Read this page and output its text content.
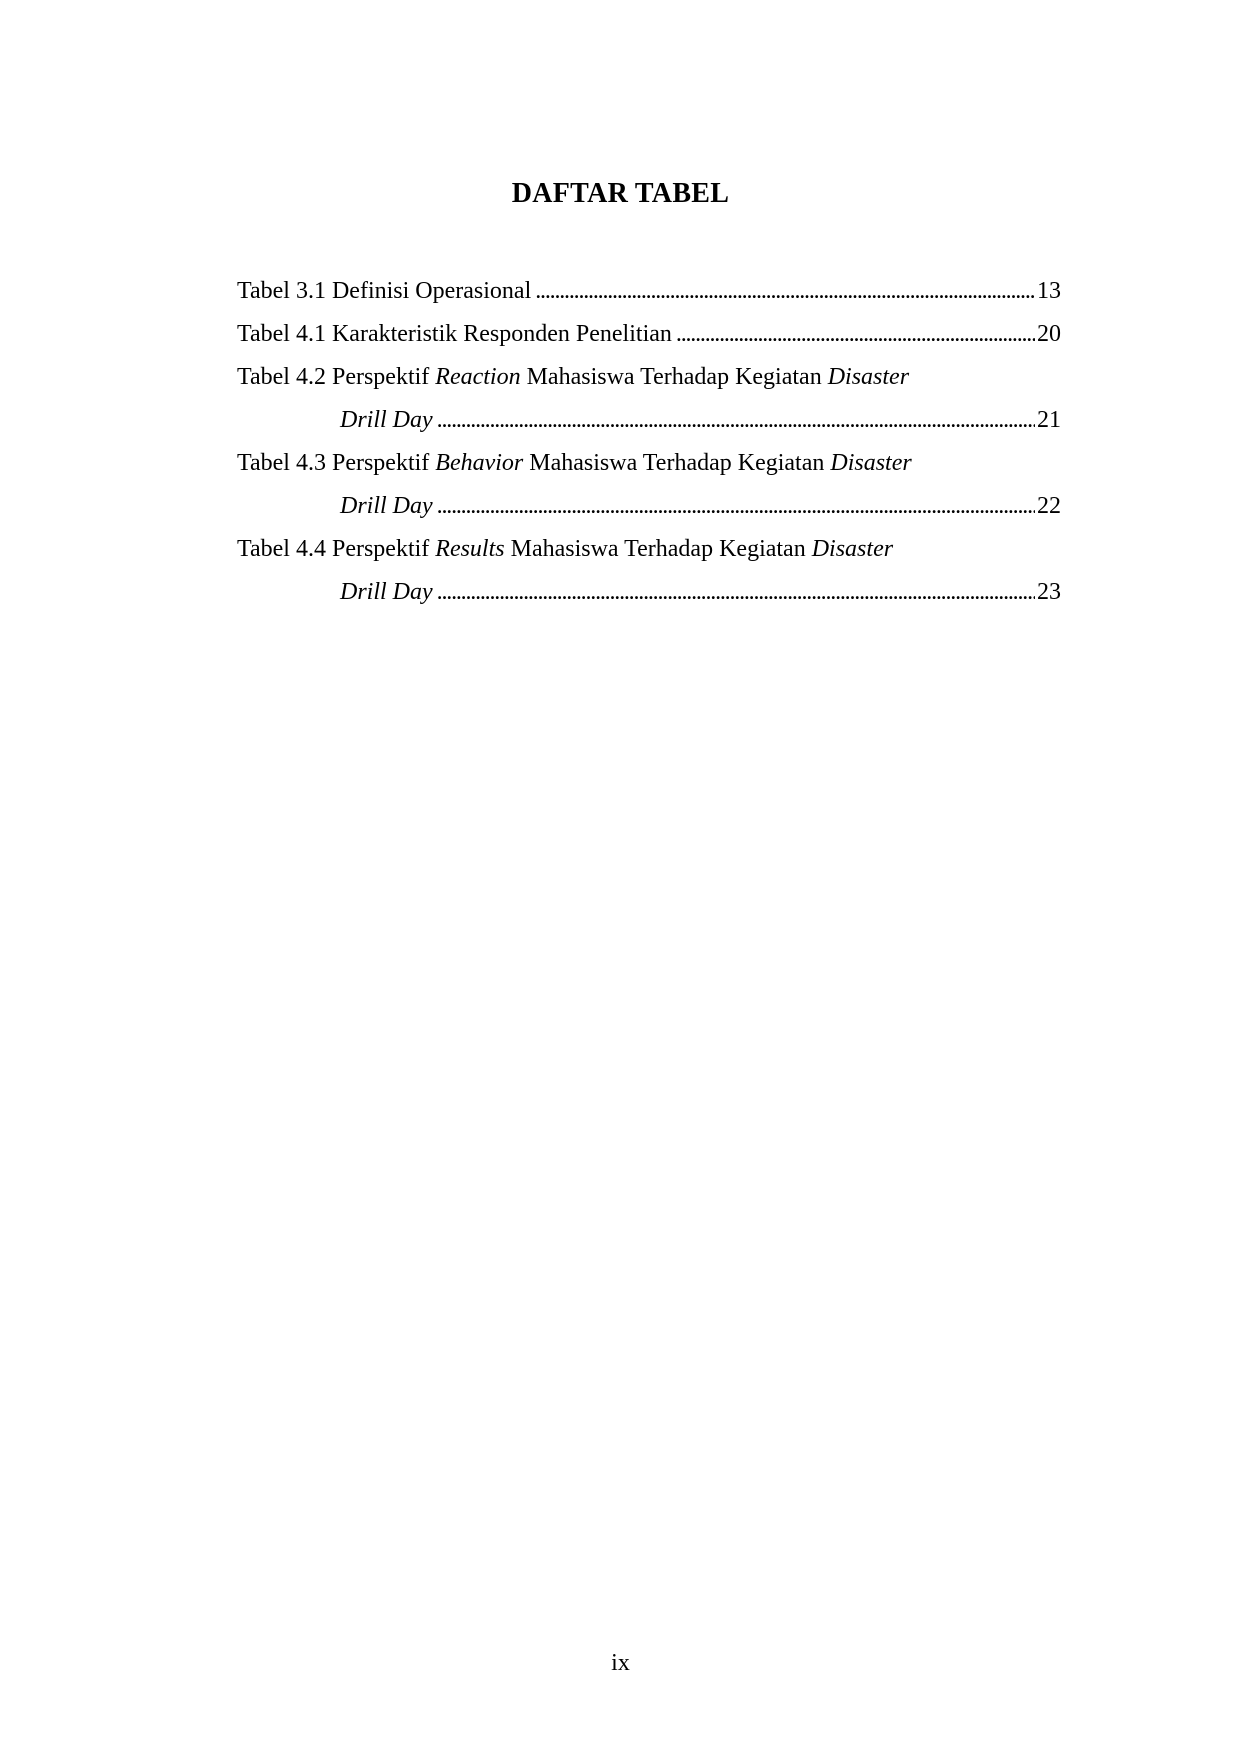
DAFTAR TABEL
Tabel 3.1 Definisi Operasional . . .	13
Tabel 4.1 Karakteristik Responden Penelitian . . .	20
Tabel 4.2 Perspektif Reaction Mahasiswa Terhadap Kegiatan Disaster
Drill Day . . .	21
Tabel 4.3 Perspektif Behavior Mahasiswa Terhadap Kegiatan Disaster
Drill Day . . .	22
Tabel 4.4 Perspektif Results Mahasiswa Terhadap Kegiatan Disaster
Drill Day . . .	23
ix
